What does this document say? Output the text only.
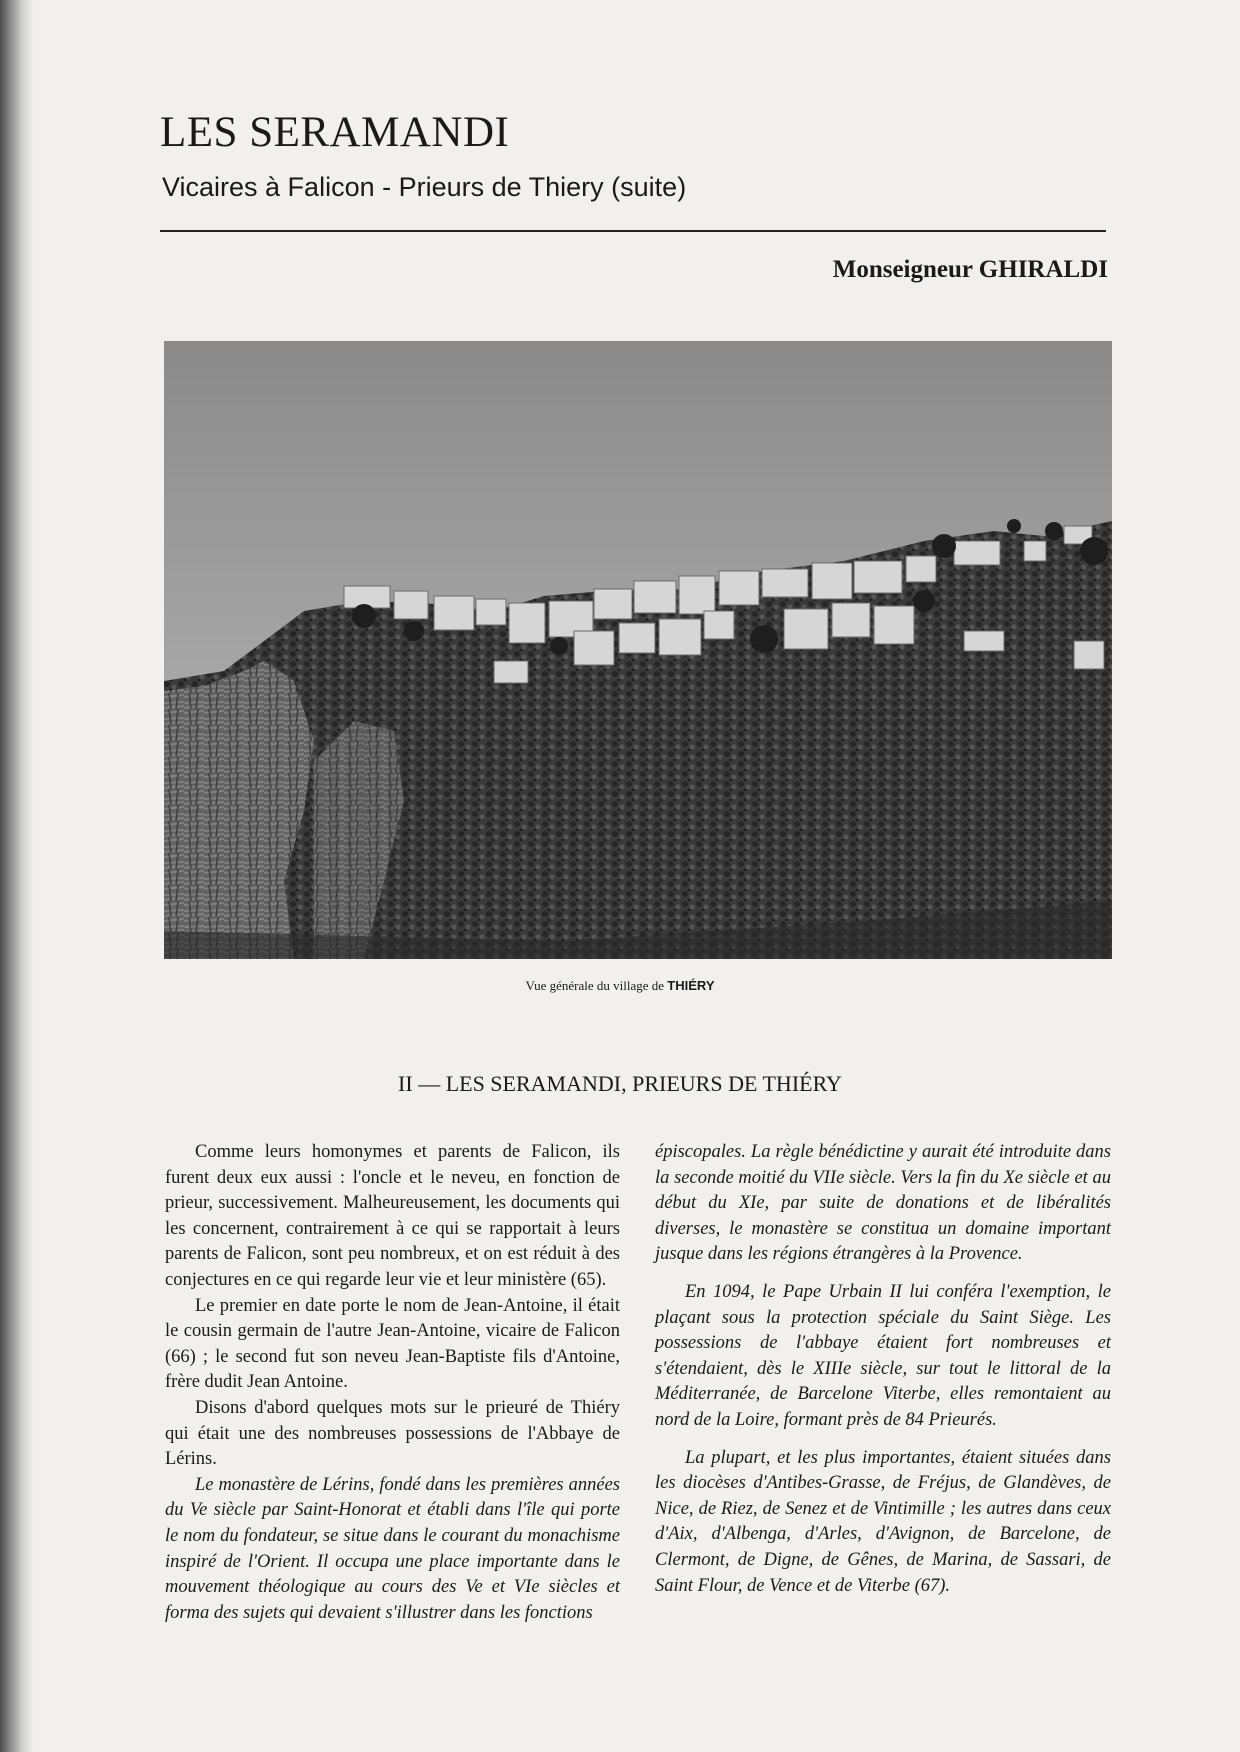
LES SERAMANDI
Vicaires à Falicon - Prieurs de Thiery (suite)

Monseigneur GHIRALDI

Vue générale du village de THIÉRY

II — LES SERAMANDI, PRIEURS DE THIÉRY

Comme leurs homonymes et parents de Falicon, ils furent deux eux aussi : l'oncle et le neveu, en fonction de prieur, successivement. Malheureusement, les documents qui les concernent, contrairement à ce qui se rapportait à leurs parents de Falicon, sont peu nombreux, et on est réduit à des conjectures en ce qui regarde leur vie et leur ministère (65).

Le premier en date porte le nom de Jean-Antoine, il était le cousin germain de l'autre Jean-Antoine, vicaire de Falicon (66) ; le second fut son neveu Jean-Baptiste fils d'Antoine, frère dudit Jean Antoine.

Disons d'abord quelques mots sur le prieuré de Thiéry qui était une des nombreuses possessions de l'Abbaye de Lérins.

Le monastère de Lérins, fondé dans les premières années du Ve siècle par Saint-Honorat et établi dans l'île qui porte le nom du fondateur, se situe dans le courant du monachisme inspiré de l'Orient. Il occupa une place importante dans le mouvement théologique au cours des Ve et VIe siècles et forma des sujets qui devaient s'illustrer dans les fonctions

épiscopales. La règle bénédictine y aurait été introduite dans la seconde moitié du VIIe siècle. Vers la fin du Xe siècle et au début du XIe, par suite de donations et de libéralités diverses, le monastère se constitua un domaine important jusque dans les régions étrangères à la Provence.

En 1094, le Pape Urbain II lui conféra l'exemption, le plaçant sous la protection spéciale du Saint Siège. Les possessions de l'abbaye étaient fort nombreuses et s'étendaient, dès le XIIIe siècle, sur tout le littoral de la Méditerranée, de Barcelone Viterbe, elles remontaient au nord de la Loire, formant près de 84 Prieurés.

La plupart, et les plus importantes, étaient situées dans les diocèses d'Antibes-Grasse, de Fréjus, de Glandèves, de Nice, de Riez, de Senez et de Vintimille ; les autres dans ceux d'Aix, d'Albenga, d'Arles, d'Avignon, de Barcelone, de Clermont, de Digne, de Gênes, de Marina, de Sassari, de Saint Flour, de Vence et de Viterbe (67).
